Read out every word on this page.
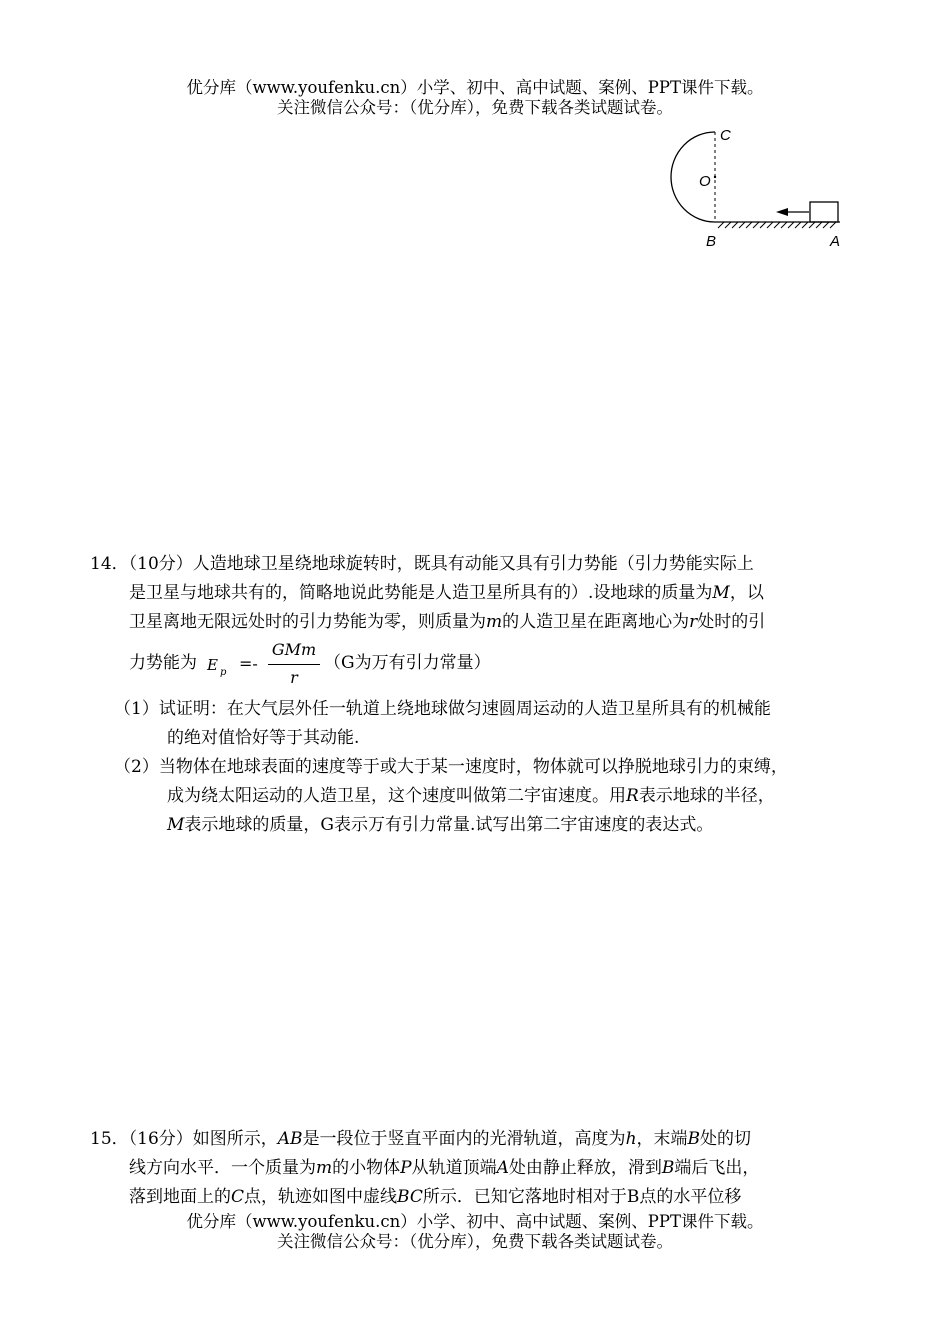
优分库（www.youfenku.cn）小学、初中、高中试题、案例、PPT课件下载。
关注微信公众号：（优分库），免费下载各类试题试卷。
C
O
B	A
14．（10分）人造地球卫星绕地球旋转时，既具有动能又具有引力势能（引力势能实际上
是卫星与地球共有的，简略地说此势能是人造卫星所具有的）.设地球的质量为M，以
卫星离地无限远处时的引力势能为零，则质量为m的人造卫星在距离地心为r处时的引
力势能为 E p =-
GMm
r
（G为万有引力常量）
（1）试证明：在大气层外任一轨道上绕地球做匀速圆周运动的人造卫星所具有的机械能
的绝对值恰好等于其动能.
（2）当物体在地球表面的速度等于或大于某一速度时，物体就可以挣脱地球引力的束缚，
成为绕太阳运动的人造卫星，这个速度叫做第二宇宙速度。用R表示地球的半径，
M表示地球的质量，G表示万有引力常量.试写出第二宇宙速度的表达式。
15．（16分）如图所示，AB是一段位于竖直平面内的光滑轨道，高度为h，末端B处的切
线方向水平．一个质量为m的小物体P从轨道顶端A处由静止释放，滑到B端后飞出，
落到地面上的C点，轨迹如图中虚线BC所示．已知它落地时相对于B点的水平位移
优分库（www.youfenku.cn）小学、初中、高中试题、案例、PPT课件下载。
关注微信公众号：（优分库），免费下载各类试题试卷。
